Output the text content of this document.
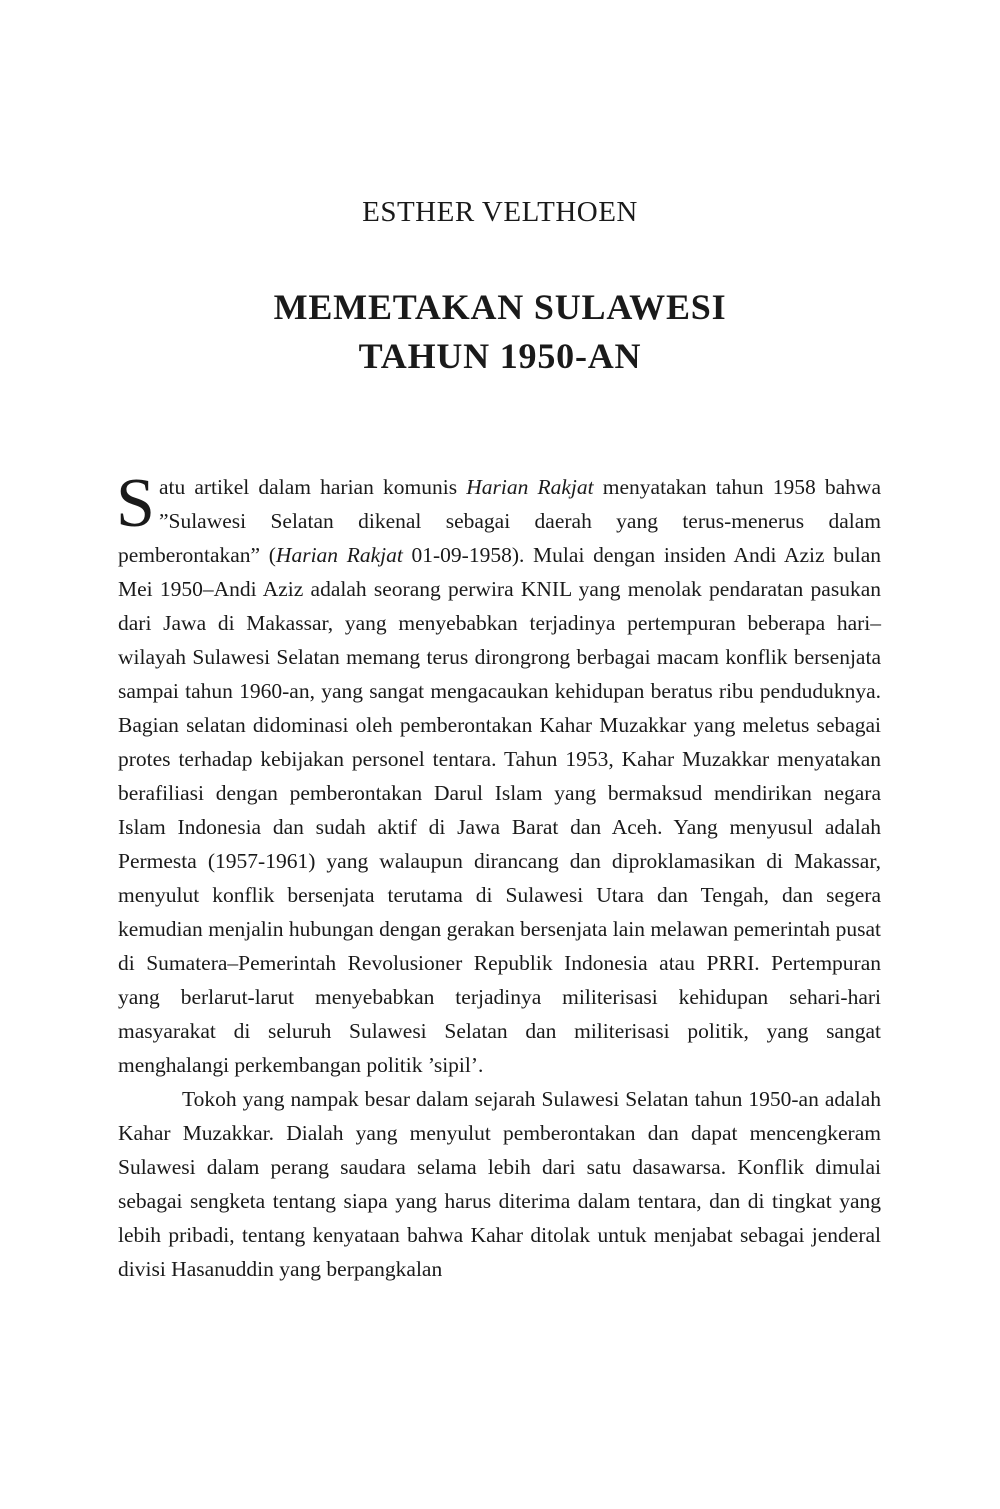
ESTHER VELTHOEN
MEMETAKAN SULAWESI
TAHUN 1950-AN

Satu artikel dalam harian komunis Harian Rakjat menyatakan tahun 1958 bahwa ”Sulawesi Selatan dikenal sebagai daerah yang terus-menerus dalam pemberontakan” (Harian Rakjat 01-09-1958). Mulai dengan insiden Andi Aziz bulan Mei 1950–Andi Aziz adalah seorang perwira KNIL yang menolak pendaratan pasukan dari Jawa di Makassar, yang menyebabkan terjadinya pertempuran beberapa hari–wilayah Sulawesi Selatan memang terus dirongrong berbagai macam konflik bersenjata sampai tahun 1960-an, yang sangat mengacaukan kehidupan beratus ribu penduduknya. Bagian selatan didominasi oleh pemberontakan Kahar Muzakkar yang meletus sebagai protes terhadap kebijakan personel tentara. Tahun 1953, Kahar Muzakkar menyatakan berafiliasi dengan pemberontakan Darul Islam yang bermaksud mendirikan negara Islam Indonesia dan sudah aktif di Jawa Barat dan Aceh. Yang menyusul adalah Permesta (1957-1961) yang walaupun dirancang dan diproklamasikan di Makassar, menyulut konflik bersenjata terutama di Sulawesi Utara dan Tengah, dan segera kemudian menjalin hubungan dengan gerakan bersenjata lain melawan pemerintah pusat di Sumatera–Pemerintah Revolusioner Republik Indonesia atau PRRI. Pertempuran yang berlarut-larut menyebabkan terjadinya militerisasi kehidupan sehari-hari masyarakat di seluruh Sulawesi Selatan dan militerisasi politik, yang sangat menghalangi perkembangan politik ’sipil’.

Tokoh yang nampak besar dalam sejarah Sulawesi Selatan tahun 1950-an adalah Kahar Muzakkar. Dialah yang menyulut pemberontakan dan dapat mencengkeram Sulawesi dalam perang saudara selama lebih dari satu dasawarsa. Konflik dimulai sebagai sengketa tentang siapa yang harus diterima dalam tentara, dan di tingkat yang lebih pribadi, tentang kenyataan bahwa Kahar ditolak untuk menjabat sebagai jenderal divisi Hasanuddin yang berpangkalan
